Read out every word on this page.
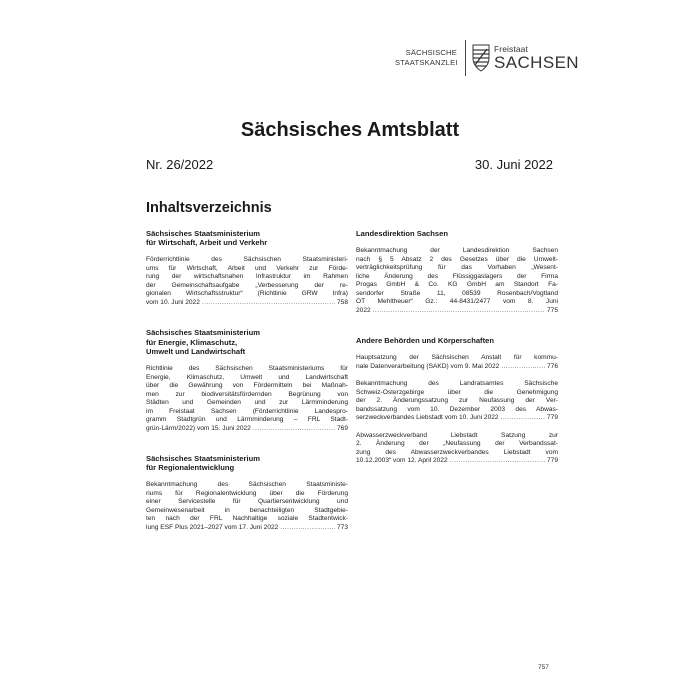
SÄCHSISCHE
STAATSKANZLEI
Freistaat
SACHSEN
Sächsisches Amtsblatt
Nr. 26/2022	30. Juni 2022
Inhaltsverzeichnis
Sächsisches Staatsministerium
für Wirtschaft, Arbeit und Verkehr
Förderrichtlinie des Sächsischen Staatsministeri-
ums für Wirtschaft, Arbeit und Verkehr zur Förde-
rung der wirtschaftsnahen Infrastruktur im Rahmen
der Gemeinschaftsaufgabe „Verbesserung der re-
gionalen Wirtschaftsstruktur“ (Richtlinie GRW Infra)
vom 10. Juni 2022 .....	758
Sächsisches Staatsministerium
für Energie, Klimaschutz,
Umwelt und Landwirtschaft
Richtlinie des Sächsischen Staatsministeriums für
Energie, Klimaschutz, Umwelt und Landwirtschaft
über die Gewährung von Fördermitteln bei Maßnah-
men zur biodiversitätsfördernden Begrünung von
Städten und Gemeinden und zur Lärmminderung
im Freistaat Sachsen (Förderrichtlinie Landespro-
gramm Stadtgrün und Lärmminderung – FRL Stadt-
grün-Lärm/2022) vom 15. Juni 2022 .....	769
Sächsisches Staatsministerium
für Regionalentwicklung
Bekanntmachung des Sächsischen Staatsministe-
riums für Regionalentwicklung über die Förderung
einer Servicestelle für Quartiersentwicklung und
Gemeinwesenarbeit in benachteiligten Stadtgebie-
ten nach der FRL Nachhaltige soziale Stadtentwick-
lung ESF Plus 2021–2027 vom 17. Juni 2022 .....	773
Landesdirektion Sachsen
Bekanntmachung der Landesdirektion Sachsen
nach § 5 Absatz 2 des Gesetzes über die Umwelt-
verträglichkeitsprüfung für das Vorhaben „Wesent-
liche Änderung des Flüssiggaslagers der Firma
Progas GmbH & Co. KG GmbH am Standort Fa-
sendorfer Straße 11, 08539 Rosenbach/Vogtland
OT Mehltheuer“ Gz.: 44-8431/2477 vom 8. Juni
2022 .....	775
Andere Behörden und Körperschaften
Hauptsatzung der Sächsischen Anstalt für kommu-
nale Datenverarbeitung (SAKD) vom 9. Mai 2022 .....	776
Bekanntmachung des Landratsamtes Sächsische
Schweiz-Osterzgebirge über die Genehmigung
der 2. Änderungssatzung zur Neufassung der Ver-
bandssatzung vom 10. Dezember 2003 des Abwas-
serzweckverbandes Liebstadt vom 10. Juni 2022 .....	779
Abwasserzweckverband Liebstadt Satzung zur
2. Änderung der „Neufassung der Verbandssat-
zung des Abwasserzweckverbandes Liebstadt vom
10.12.2003“ vom 12. April 2022 .....	779
757
